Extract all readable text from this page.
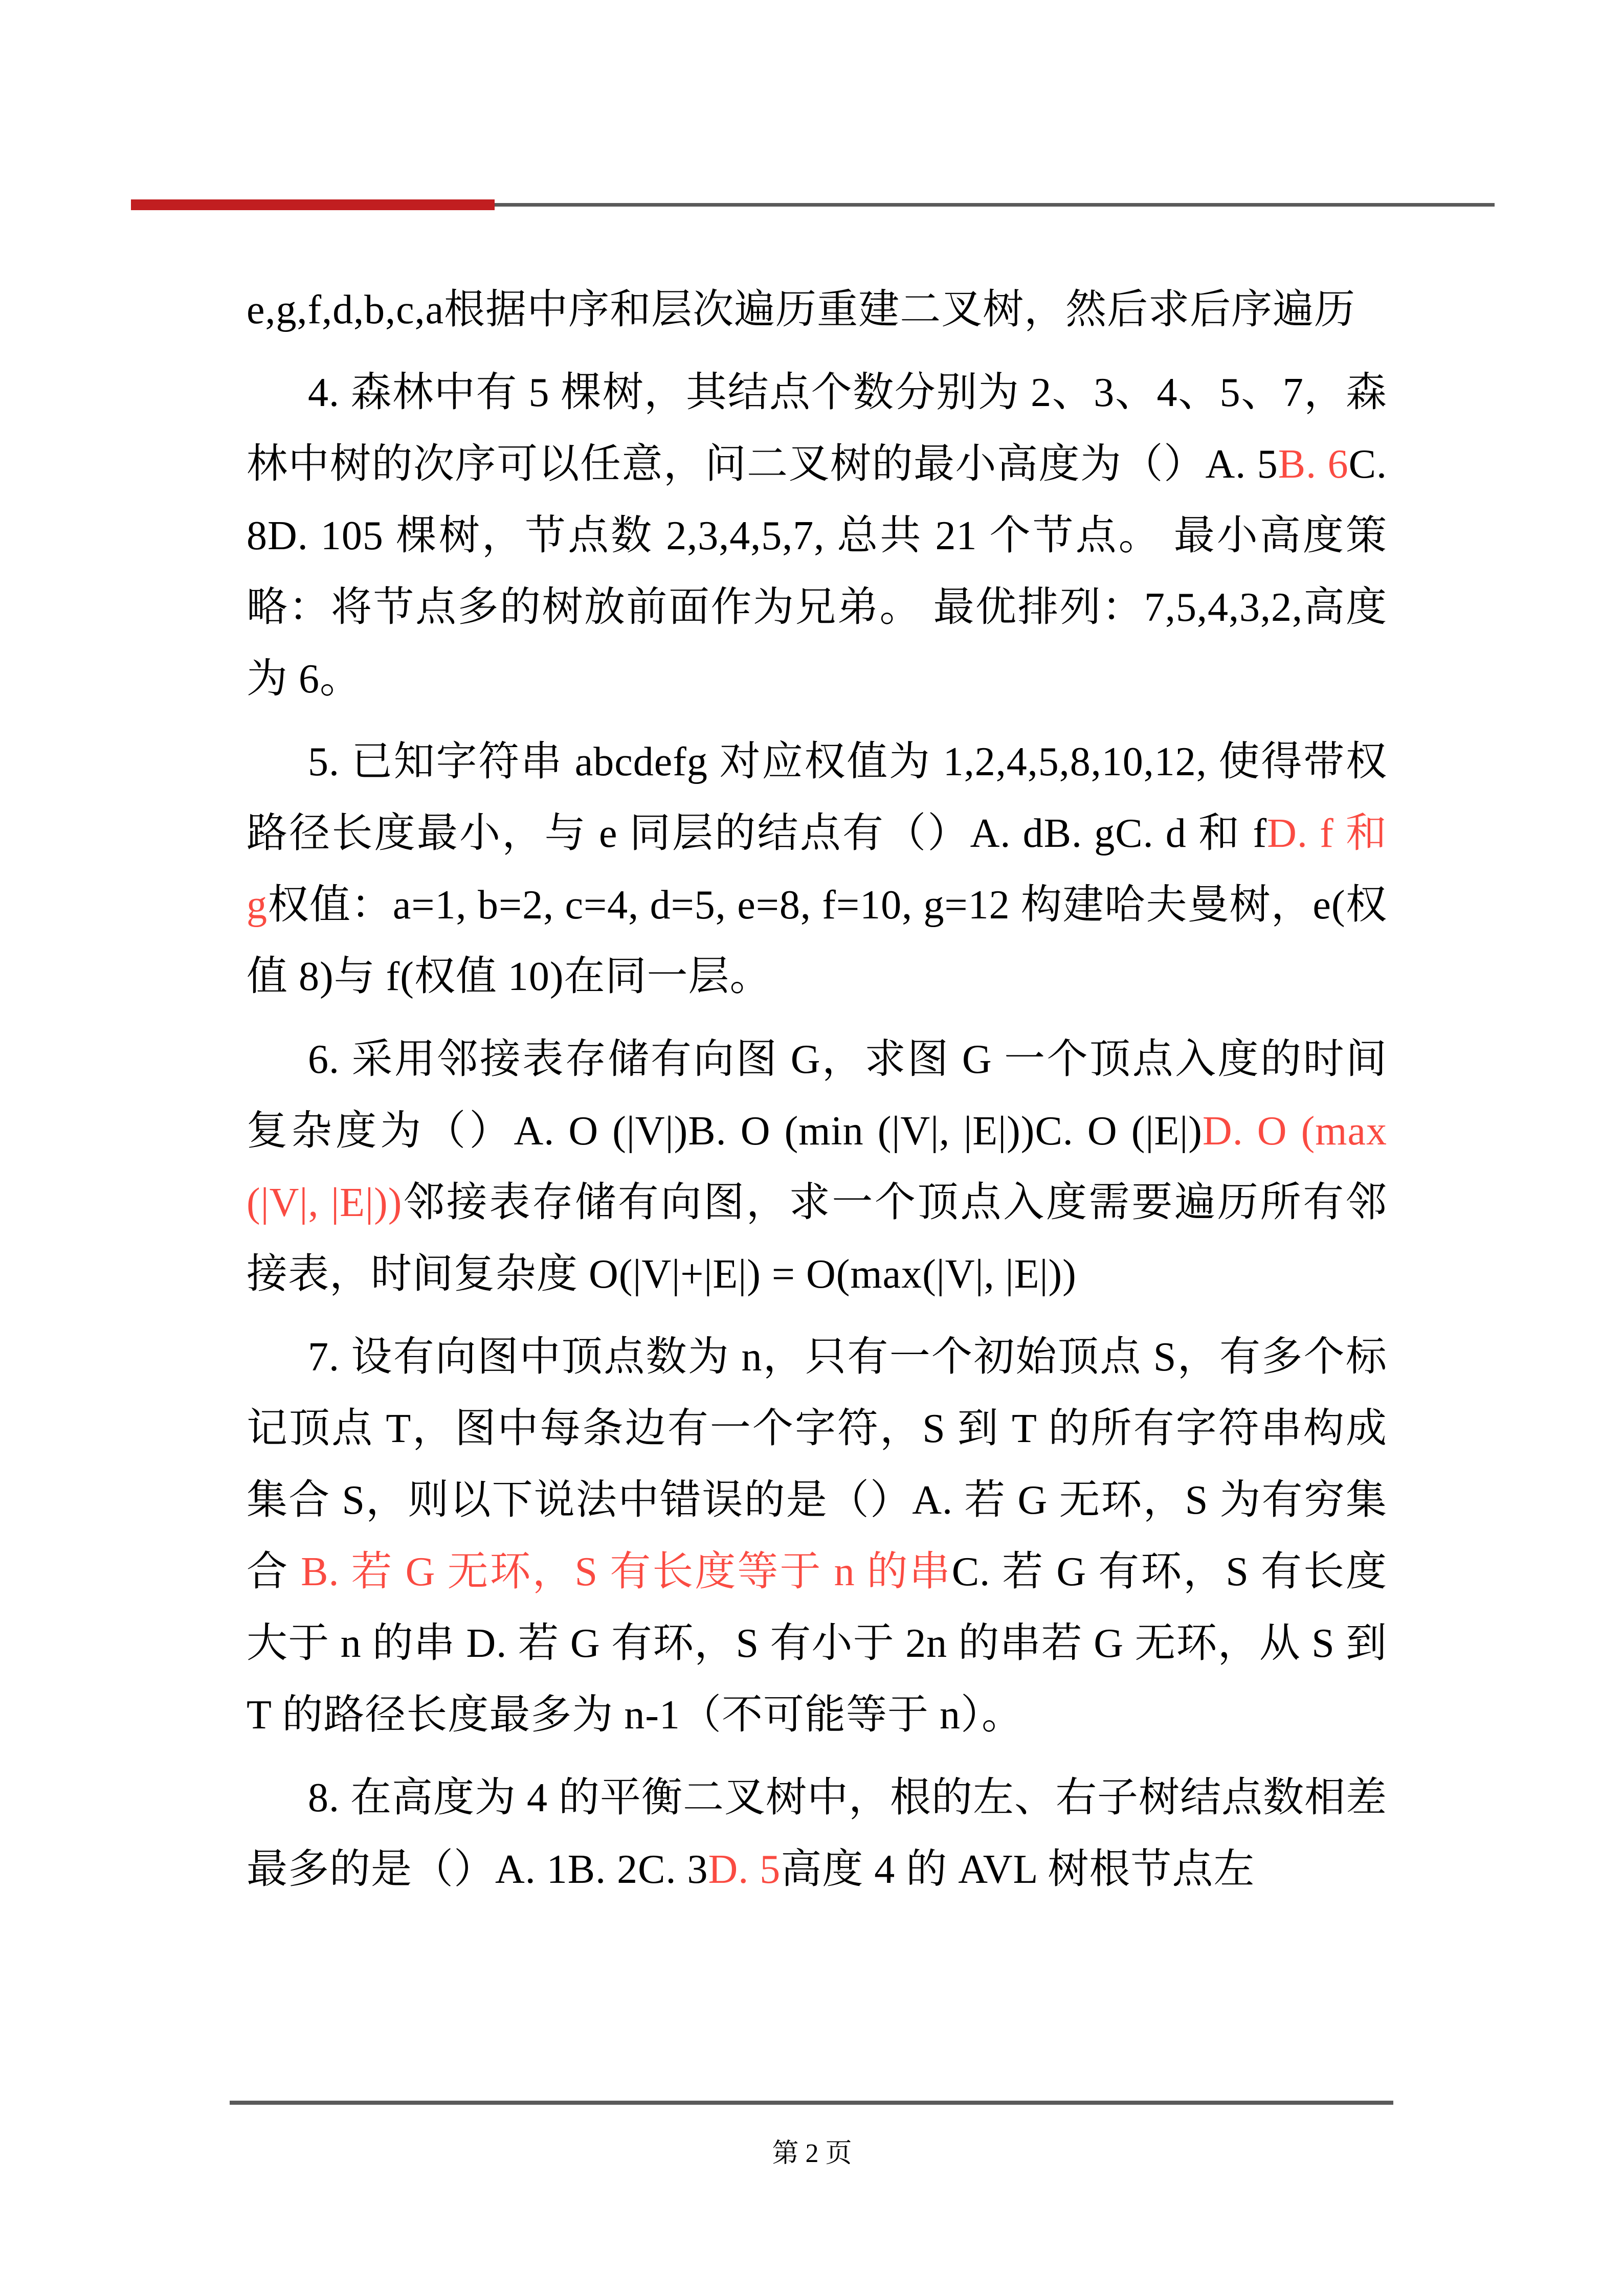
e,g,f,d,b,c,a根据中序和层次遍历重建二叉树，然后求后序遍历

4. 森林中有 5 棵树，其结点个数分别为 2、3、4、5、7，森林中树的次序可以任意，问二叉树的最小高度为（）A. 5B. 6C. 8D. 105 棵树，节点数 2,3,4,5,7, 总共 21 个节点。 最小高度策略：将节点多的树放前面作为兄弟。 最优排列：7,5,4,3,2,高度为 6。

5. 已知字符串 abcdefg 对应权值为 1,2,4,5,8,10,12, 使得带权路径长度最小，与 e 同层的结点有（）A. dB. gC. d 和 fD. f 和 g权值：a=1, b=2, c=4, d=5, e=8, f=10, g=12 构建哈夫曼树，e(权值 8)与 f(权值 10)在同一层。

6. 采用邻接表存储有向图 G，求图 G 一个顶点入度的时间复杂度为（）A. O (|V|)B. O (min (|V|, |E|))C. O (|E|)D. O (max (|V|, |E|))邻接表存储有向图，求一个顶点入度需要遍历所有邻接表，时间复杂度 O(|V|+|E|) = O(max(|V|, |E|))

7. 设有向图中顶点数为 n，只有一个初始顶点 S，有多个标记顶点 T，图中每条边有一个字符，S 到 T 的所有字符串构成集合 S，则以下说法中错误的是（）A. 若 G 无环，S 为有穷集合 B. 若 G 无环，S 有长度等于 n 的串C. 若 G 有环，S 有长度大于 n 的串 D. 若 G 有环，S 有小于 2n 的串若 G 无环，从 S 到 T 的路径长度最多为 n-1（不可能等于 n）。

8. 在高度为 4 的平衡二叉树中，根的左、右子树结点数相差最多的是（）A. 1B. 2C. 3D. 5高度 4 的 AVL 树根节点左

第 2 页
